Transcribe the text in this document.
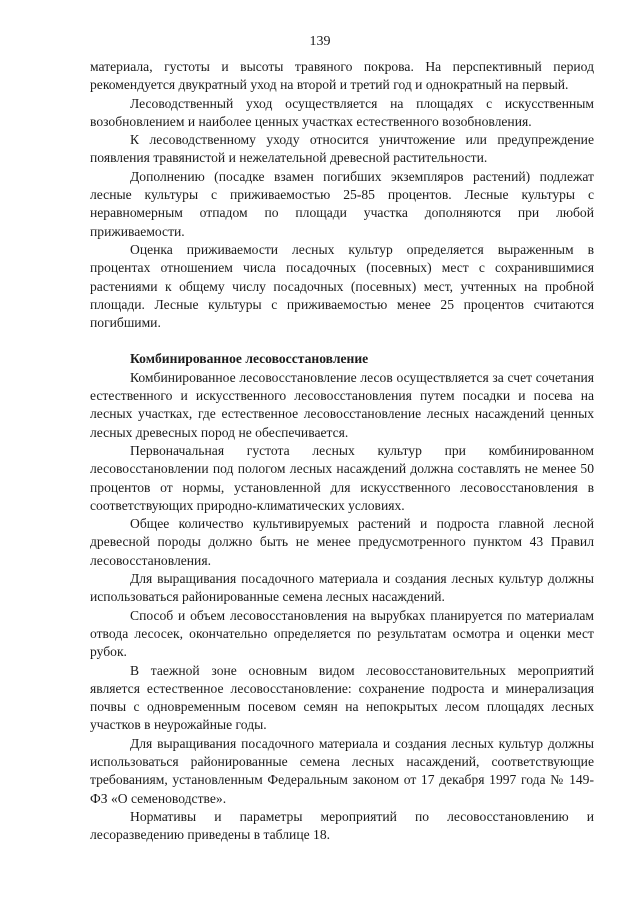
139

материала, густоты и высоты травяного покрова. На перспективный период рекомендуется двукратный уход на второй и третий год и однократный на первый.

Лесоводственный уход осуществляется на площадях с искусственным возобновлением и наиболее ценных участках естественного возобновления.

К лесоводственному уходу относится уничтожение или предупреждение появления травянистой и нежелательной древесной растительности.

Дополнению (посадке взамен погибших экземпляров растений) подлежат лесные культуры с приживаемостью 25-85 процентов. Лесные культуры с неравномерным отпадом по площади участка дополняются при любой приживаемости.

Оценка приживаемости лесных культур определяется выраженным в процентах отношением числа посадочных (посевных) мест с сохранившимися растениями к общему числу посадочных (посевных) мест, учтенных на пробной площади. Лесные культуры с приживаемостью менее 25 процентов считаются погибшими.

Комбинированное лесовосстановление

Комбинированное лесовосстановление лесов осуществляется за счет сочетания естественного и искусственного лесовосстановления путем посадки и посева на лесных участках, где естественное лесовосстановление лесных насаждений ценных лесных древесных пород не обеспечивается.

Первоначальная густота лесных культур при комбинированном лесовосстановлении под пологом лесных насаждений должна составлять не менее 50 процентов от нормы, установленной для искусственного лесовосстановления в соответствующих природно-климатических условиях.

Общее количество культивируемых растений и подроста главной лесной древесной породы должно быть не менее предусмотренного пунктом 43 Правил лесовосстановления.

Для выращивания посадочного материала и создания лесных культур должны использоваться районированные семена лесных насаждений.

Способ и объем лесовосстановления на вырубках планируется по материалам отвода лесосек, окончательно определяется по результатам осмотра и оценки мест рубок.

В таежной зоне основным видом лесовосстановительных мероприятий является естественное лесовосстановление: сохранение подроста и минерализация почвы с одновременным посевом семян на непокрытых лесом площадях лесных участков в неурожайные годы.

Для выращивания посадочного материала и создания лесных культур должны использоваться районированные семена лесных насаждений, соответствующие требованиям, установленным Федеральным законом от 17 декабря 1997 года № 149-ФЗ «О семеноводстве».

Нормативы и параметры мероприятий по лесовосстановлению и лесоразведению приведены в таблице 18.
